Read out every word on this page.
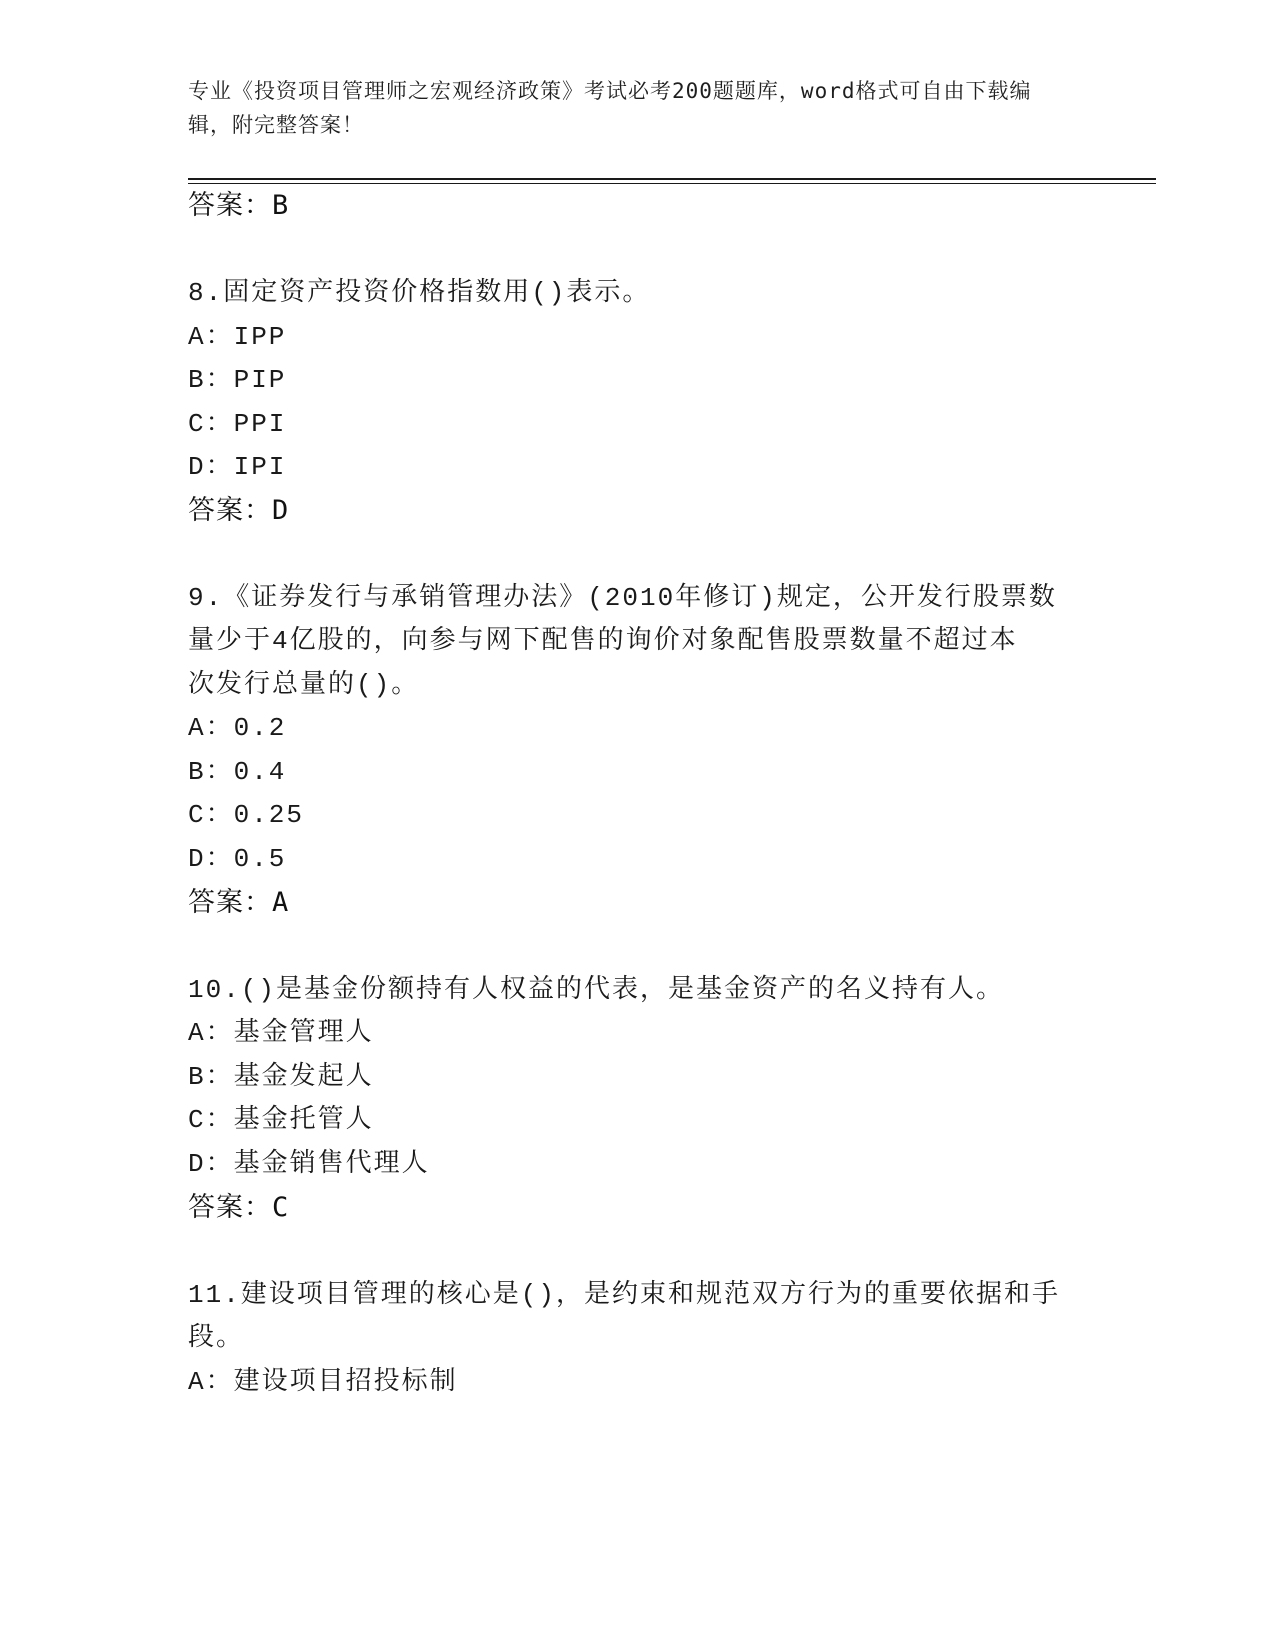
专业《投资项目管理师之宏观经济政策》考试必考200题题库，word格式可自由下载编辑，附完整答案！
答案：B
8.固定资产投资价格指数用()表示。
A：IPP
B：PIP
C：PPI
D：IPI
答案：D
9.《证券发行与承销管理办法》(2010年修订)规定，公开发行股票数
量少于4亿股的，向参与网下配售的询价对象配售股票数量不超过本
次发行总量的()。
A：0.2
B：0.4
C：0.25
D：0.5
答案：A
10.()是基金份额持有人权益的代表，是基金资产的名义持有人。
A：基金管理人
B：基金发起人
C：基金托管人
D：基金销售代理人
答案：C
11.建设项目管理的核心是()，是约束和规范双方行为的重要依据和手
段。
A：建设项目招投标制
